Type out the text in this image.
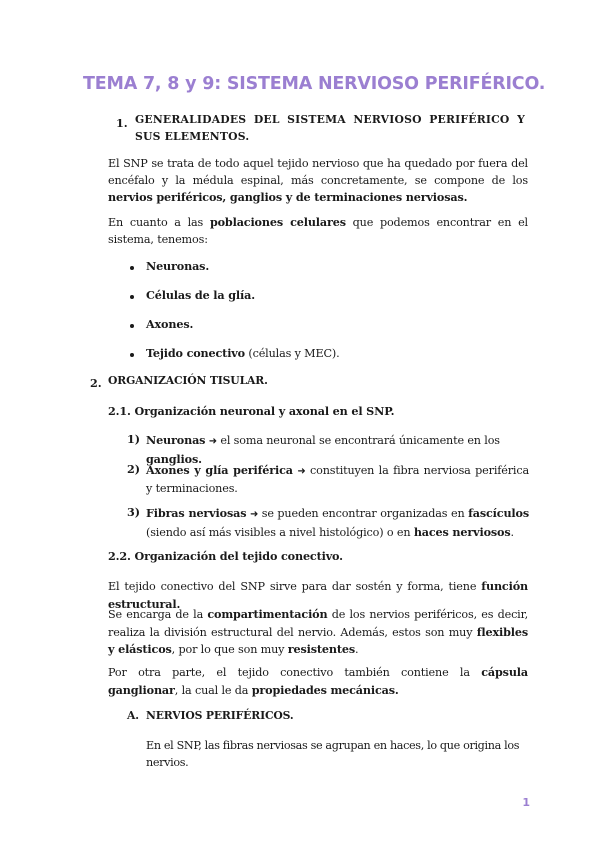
TEMA 7, 8 y 9: SISTEMA NERVIOSO PERIFÉRICO.
1. GENERALIDADES DEL SISTEMA NERVIOSO PERIFÉRICO Y SUS ELEMENTOS.
El SNP se trata de todo aquel tejido nervioso que ha quedado por fuera del encéfalo y la médula espinal, más concretamente, se compone de los nervios periféricos, ganglios y de terminaciones nerviosas.
En cuanto a las poblaciones celulares que podemos encontrar en el sistema, tenemos:
Neuronas.
Células de la glía.
Axones.
Tejido conectivo (células y MEC).
2. ORGANIZACIÓN TISULAR.
2.1. Organización neuronal y axonal en el SNP.
1) Neuronas ➜ el soma neuronal se encontrará únicamente en los ganglios.
2) Axones y glía periférica ➜ constituyen la fibra nerviosa periférica y terminaciones.
3) Fibras nerviosas ➜ se pueden encontrar organizadas en fascículos (siendo así más visibles a nivel histológico) o en haces nerviosos.
2.2. Organización del tejido conectivo.
El tejido conectivo del SNP sirve para dar sostén y forma, tiene función estructural.
Se encarga de la compartimentación de los nervios periféricos, es decir, realiza la división estructural del nervio. Además, estos son muy flexibles y elásticos, por lo que son muy resistentes.
Por otra parte, el tejido conectivo también contiene la cápsula ganglionar, la cual le da propiedades mecánicas.
A. NERVIOS PERIFÉRICOS.
En el SNP, las fibras nerviosas se agrupan en haces, lo que origina los nervios.
1
